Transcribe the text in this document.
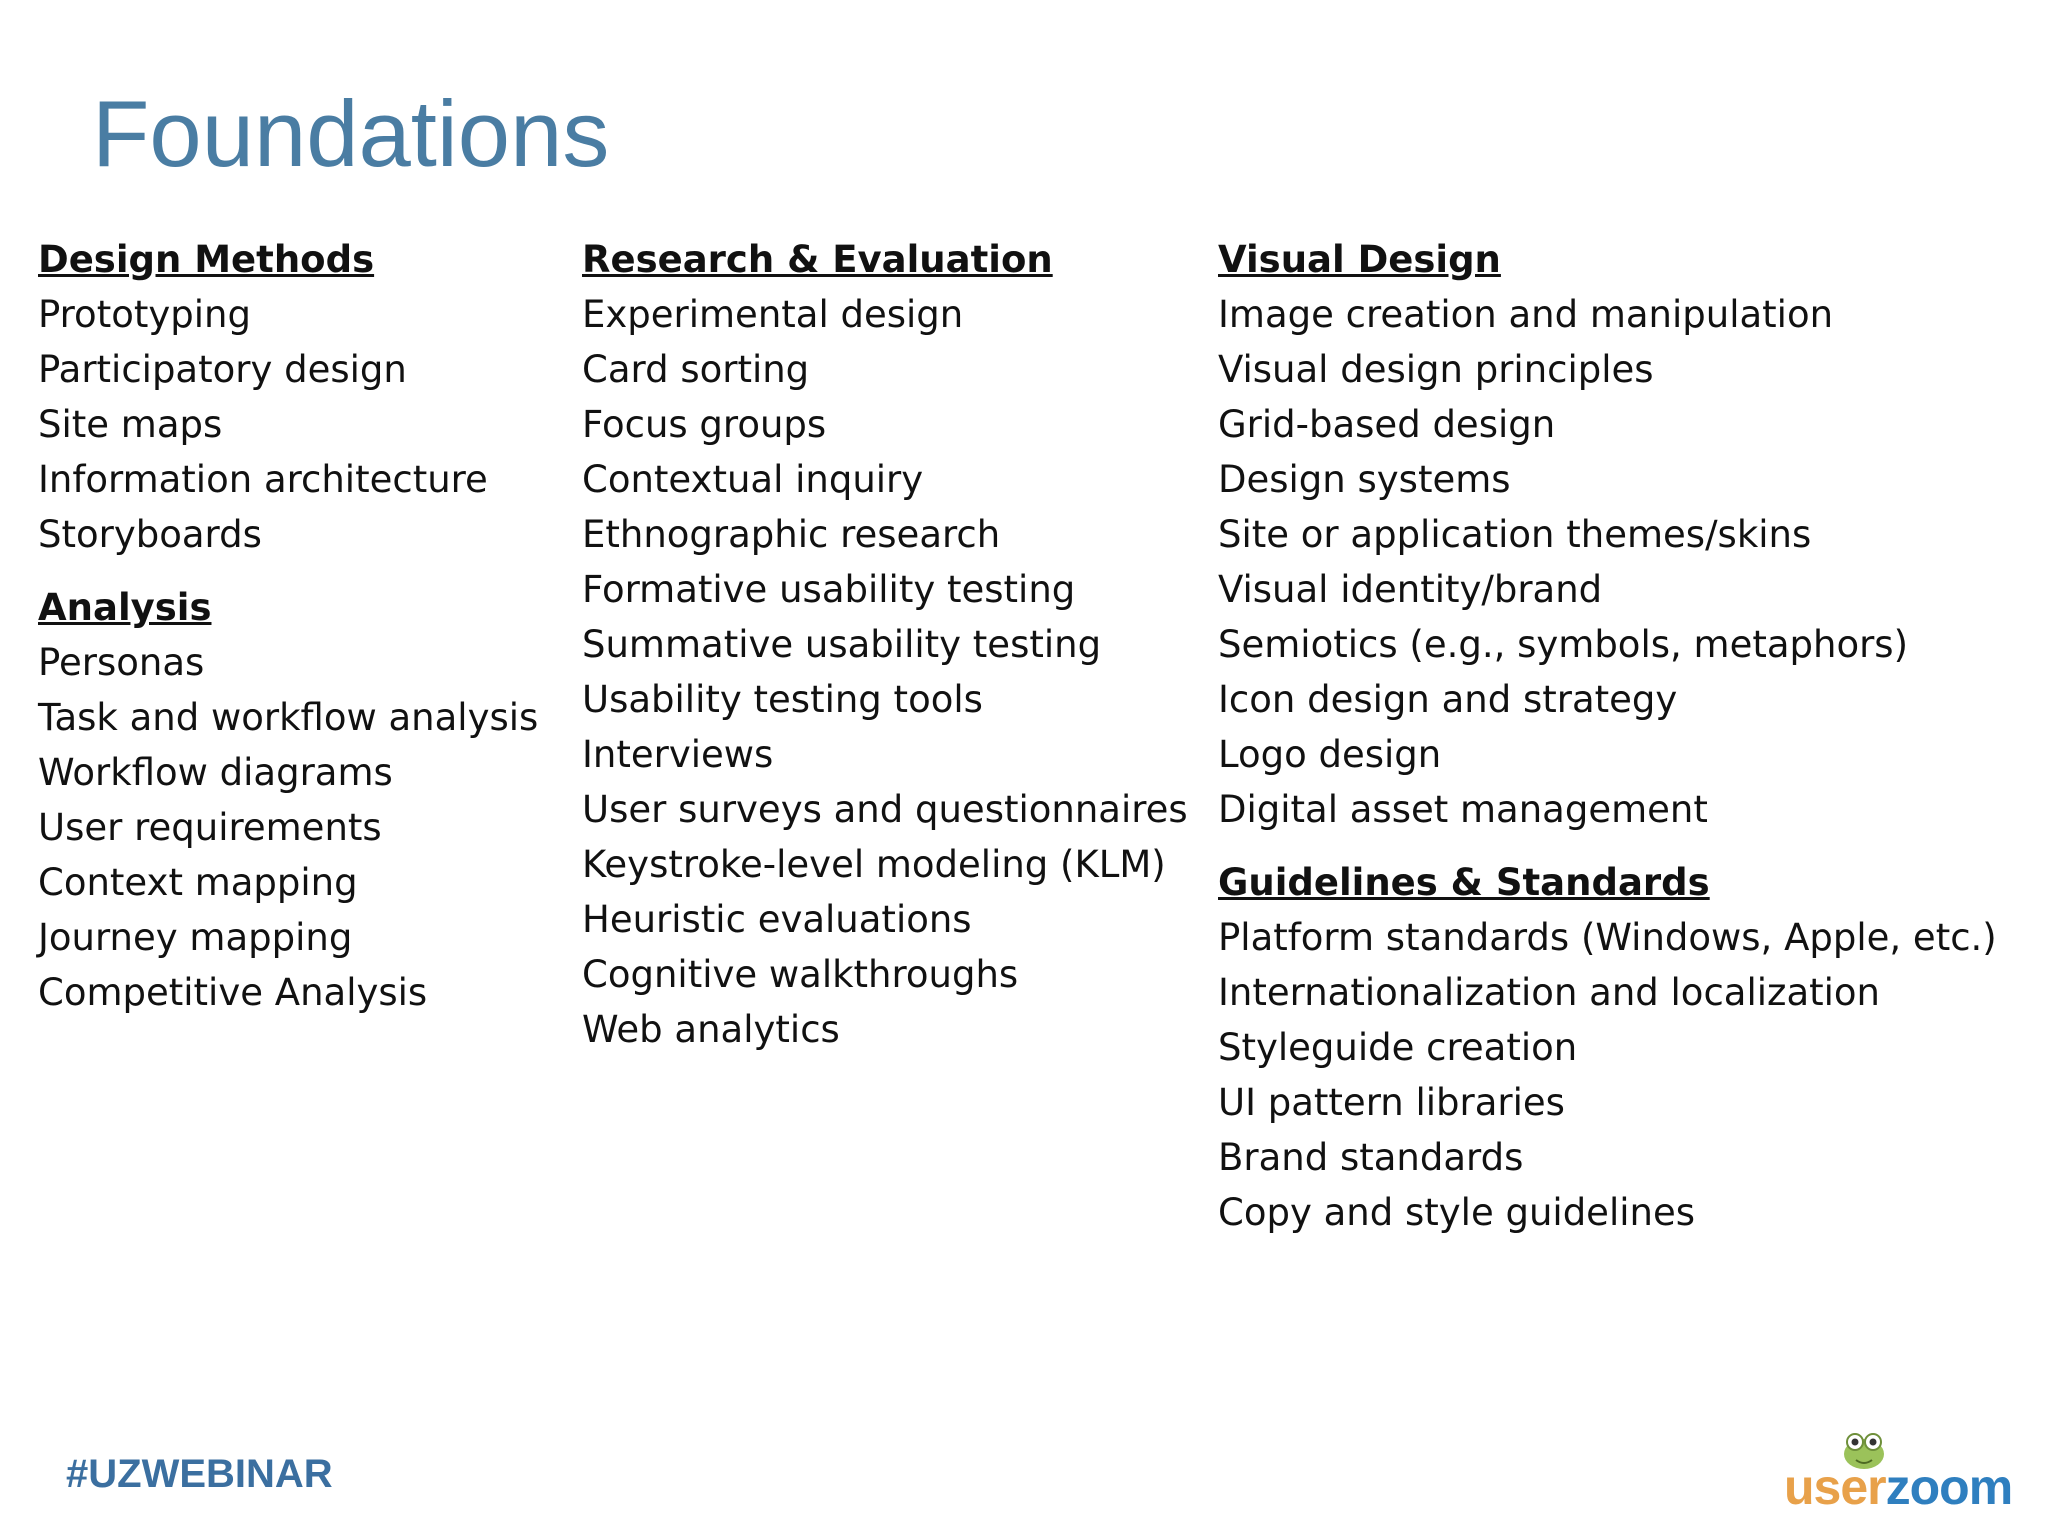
Foundations
Design Methods
Prototyping
Participatory design
Site maps
Information architecture
Storyboards
Analysis
Personas
Task and workflow analysis
Workflow diagrams
User requirements
Context mapping
Journey mapping
Competitive Analysis
Research & Evaluation
Experimental design
Card sorting
Focus groups
Contextual inquiry
Ethnographic research
Formative usability testing
Summative usability testing
Usability testing tools
Interviews
User surveys and questionnaires
Keystroke-level modeling (KLM)
Heuristic evaluations
Cognitive walkthroughs
Web analytics
Visual Design
Image creation and manipulation
Visual design principles
Grid-based design
Design systems
Site or application themes/skins
Visual identity/brand
Semiotics (e.g., symbols, metaphors)
Icon design and strategy
Logo design
Digital asset management
Guidelines & Standards
Platform standards (Windows, Apple, etc.)
Internationalization and localization
Styleguide creation
UI pattern libraries
Brand standards
Copy and style guidelines
#UZWEBINAR	userzoom
